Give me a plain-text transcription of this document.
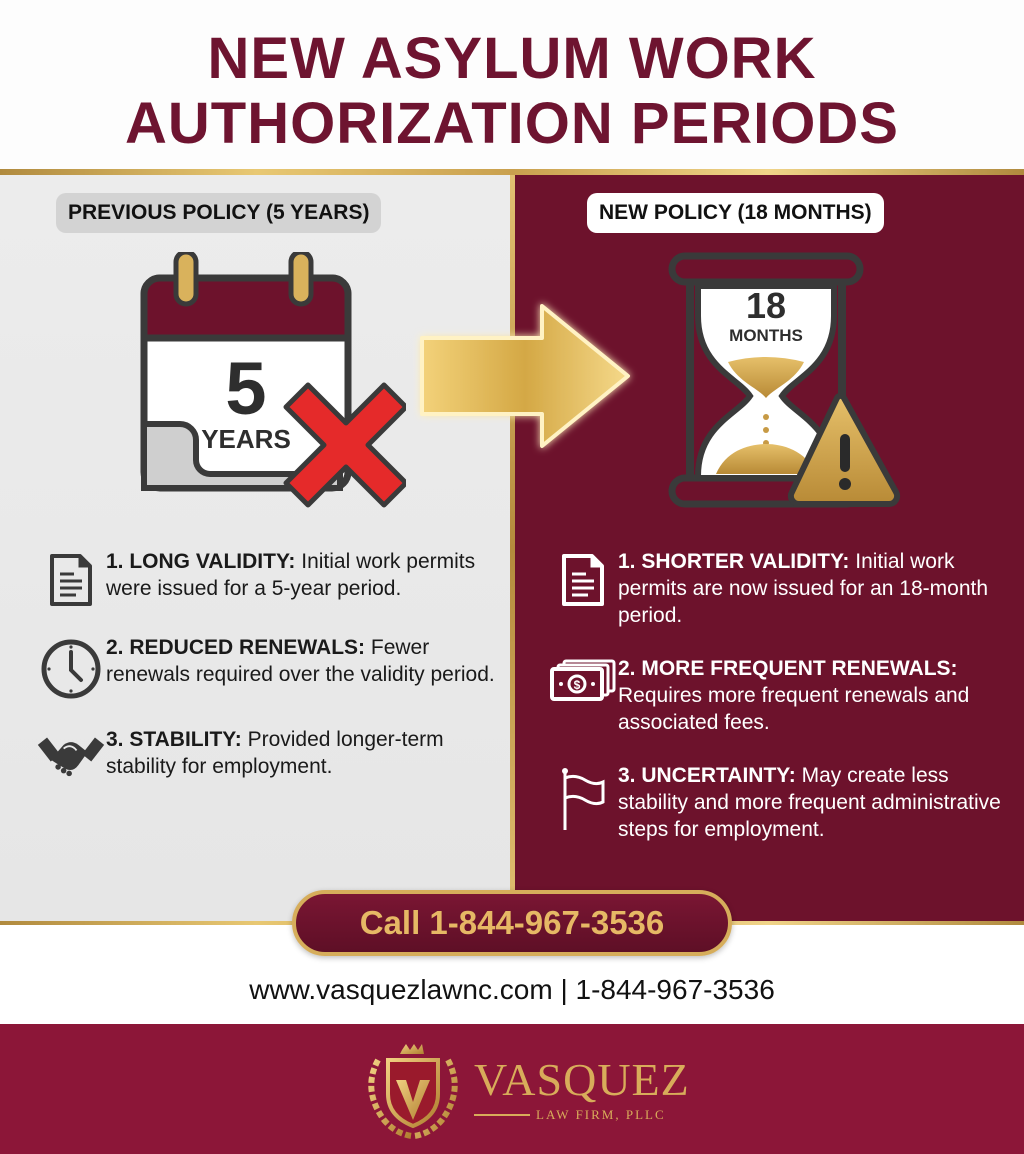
NEW ASYLUM WORK
AUTHORIZATION PERIODS
PREVIOUS POLICY (5 YEARS)	NEW POLICY (18 MONTHS)
5
YEARS
18
MONTHS
1. LONG VALIDITY: Initial work permits were issued for a 5-year period.
2. REDUCED RENEWALS: Fewer renewals required over the validity period.
3. STABILITY: Provided longer-term stability for employment.
1. SHORTER VALIDITY: Initial work permits are now issued for an 18-month period.
$
2. MORE FREQUENT RENEWALS: Requires more frequent renewals and associated fees.
3. UNCERTAINTY: May create less stability and more frequent administrative steps for employment.
Call 1-844-967-3536
www.vasquezlawnc.com | 1-844-967-3536
VASQUEZ
LAW FIRM, PLLC
